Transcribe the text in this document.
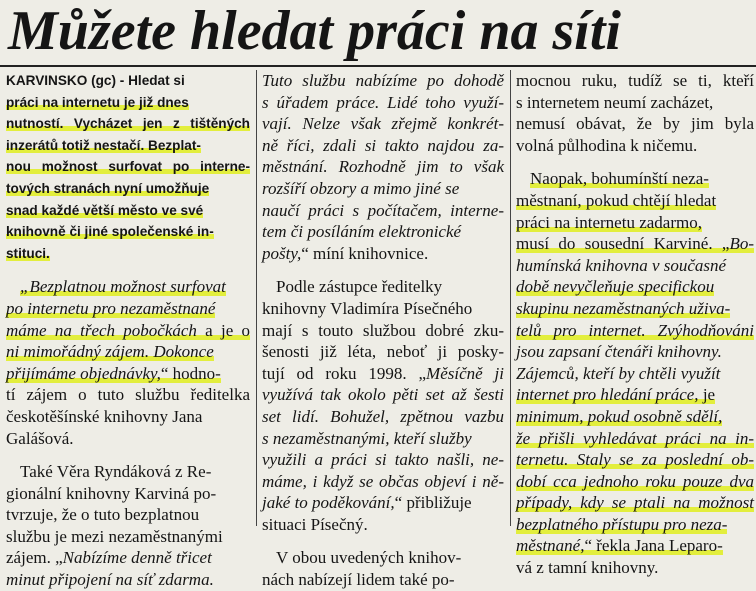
Můžete hledat práci na síti
KARVINSKO (gc) - Hledat si
práci na internetu je již dnes
nutností. Vycházet jen z tištěných
inzerátů totiž nestačí. Bezplat-
nou možnost surfovat po interne-
tových stranách nyní umožňuje
snad každé větší město ve své
knihovně či jiné společenské in-
stituci.
„Bezplatnou možnost surfovat
po internetu pro nezaměstnané
máme na třech pobočkách a je o
ni mimořádný zájem. Dokonce
přijímáme objednávky,“ hodno-
tí zájem o tuto službu ředitelka
českotěšínské knihovny Jana
Galášová.
Také Věra Ryndáková z Re-
gionální knihovny Karviná po-
tvrzuje, že o tuto bezplatnou
službu je mezi nezaměstnanými
zájem. „Nabízíme denně třicet
minut připojení na síť zdarma.
Tuto službu nabízíme po dohodě
s úřadem práce. Lidé toho využí-
vají. Nelze však zřejmě konkrét-
ně říci, zdali si takto najdou za-
městnání. Rozhodně jim to však
rozšíří obzory a mimo jiné se
naučí práci s počítačem, interne-
tem či posíláním elektronické
pošty,“ míní knihovnice.
Podle zástupce ředitelky
knihovny Vladimíra Písečného
mají s touto službou dobré zku-
šenosti již léta, neboť ji posky-
tují od roku 1998. „Měsíčně ji
využívá tak okolo pěti set až šesti
set lidí. Bohužel, zpětnou vazbu
s nezaměstnanými, kteří služby
využili a práci si takto našli, ne-
máme, i když se občas objeví i ně-
jaké to poděkování,“ přibližuje
situaci Písečný.
V obou uvedených knihov-
nách nabízejí lidem také po-
mocnou ruku, tudíž se ti, kteří
s internetem neumí zacházet,
nemusí obávat, že by jim byla
volná půlhodina k ničemu.
Naopak, bohumínští neza-
městnaní, pokud chtějí hledat
práci na internetu zadarmo,
musí do sousední Karviné. „Bo-
humínská knihovna v současné
době nevyčleňuje specifickou
skupinu nezaměstnaných uživa-
telů pro internet. Zvýhodňováni
jsou zapsaní čtenáři knihovny.
Zájemců, kteří by chtěli využít
internet pro hledání práce, je
minimum, pokud osobně sdělí,
že přišli vyhledávat práci na in-
ternetu. Staly se za poslední ob-
dobí cca jednoho roku pouze dva
případy, kdy se ptali na možnost
bezplatného přístupu pro neza-
městnané,“ řekla Jana Leparo-
vá z tamní knihovny.
